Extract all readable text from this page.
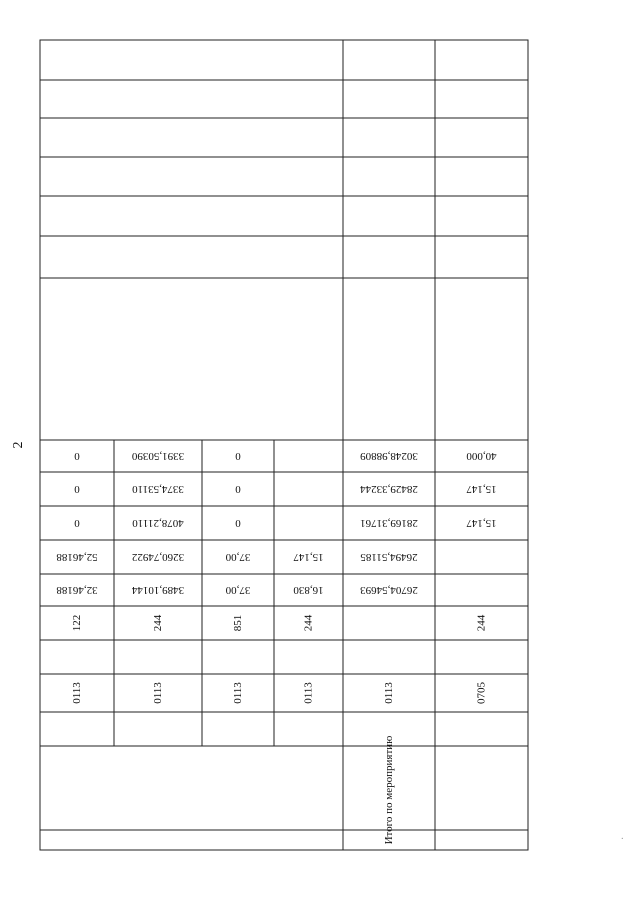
2
0
0
0
52,46188
32,46188
122
0113
3391,50390
3374,53110
4078,21110
3260,74922
3489,10144
244
0113
0
0
0
37,00
37,00
851
0113
15,147
16,830
244
0113
30248,98809
28429,33244
28169,31761
26494,51185
26704,54693
0113
Итого по мероприятию
40,000
15,147
15,147
244
0705
·
